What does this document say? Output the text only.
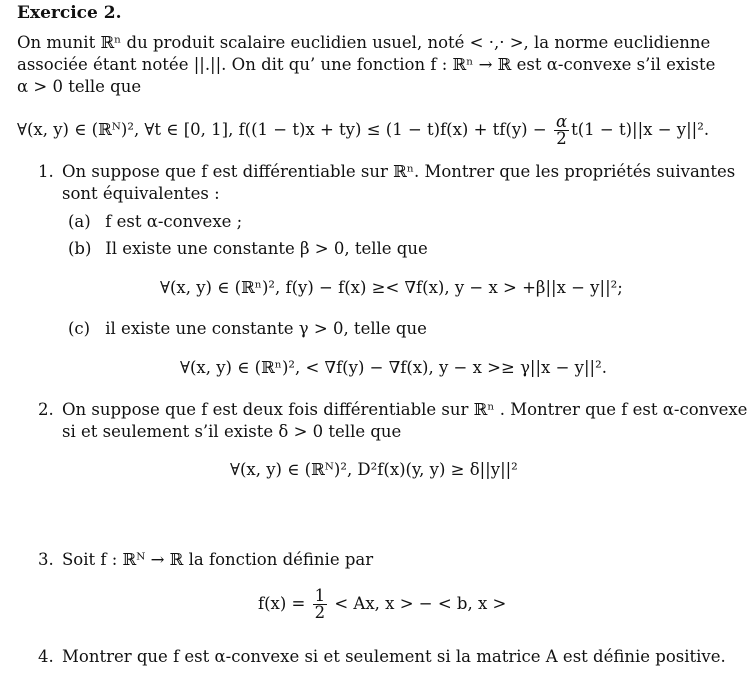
Exercice 2.
On munit ℝⁿ du produit scalaire euclidien usuel, noté < ·,· >, la norme euclidienne
associée étant notée ||.||. On dit qu’ une fonction f : ℝⁿ → ℝ est α-convexe s’il existe
α > 0 telle que
∀(x, y) ∈ (ℝᴺ)², ∀t ∈ [0, 1], $f((1 - t)x + ty) \le (1 - t)f(x) + tf(y) - \frac{\alpha}{2} t(1 - t)||x - y||^2$.
1. On suppose que f est différentiable sur ℝⁿ. Montrer que les propriétés suivantes
sont équivalentes :
(a) f est α-convexe ;
(b) Il existe une constante β > 0, telle que
∀(x, y) ∈ (ℝⁿ)², f(y) − f(x) ≥< ∇f(x), y − x > +β||x − y||²;
(c) il existe une constante γ > 0, telle que
∀(x, y) ∈ (ℝⁿ)², < ∇f(y) − ∇f(x), y − x >≥ γ||x − y||².
2. On suppose que f est deux fois différentiable sur ℝⁿ . Montrer que f est α-convexe
si et seulement s’il existe δ > 0 telle que
∀(x, y) ∈ (ℝᴺ)², D²f(x)(y, y) ≥ δ||y||²
3. Soit f : ℝᴺ → ℝ la fonction définie par
$f(x) = \frac{1}{2} < Ax$, x > − < b, x >
4. Montrer que f est α-convexe si et seulement si la matrice A est définie positive.
